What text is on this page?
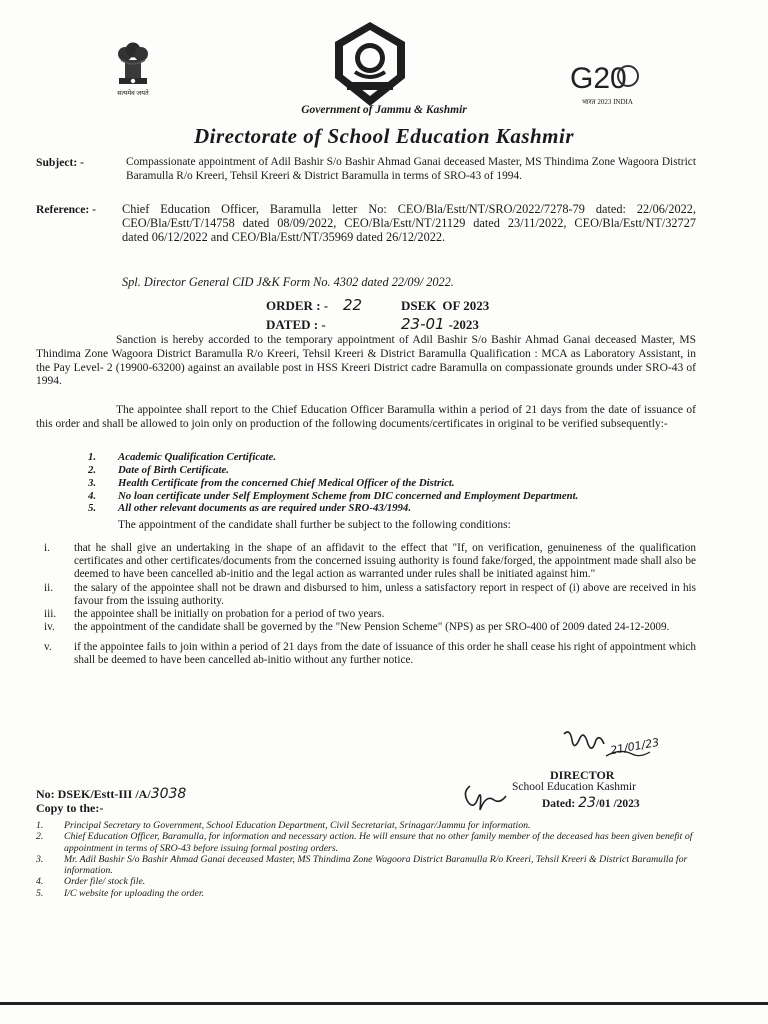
सत्यमेव जयते	G20
भारत 2023 INDIA
Government of Jammu & Kashmir
Directorate of School Education Kashmir
Subject: -	Compassionate appointment of Adil Bashir S/o Bashir Ahmad Ganai deceased Master, MS Thindima Zone Wagoora District Baramulla R/o Kreeri, Tehsil Kreeri & District Baramulla in terms of SRO-43 of 1994.
Reference: - Chief Education Officer, Baramulla letter No: CEO/Bla/Estt/NT/SRO/2022/7278-79 dated: 22/06/2022, CEO/Bla/Estt/T/14758 dated 08/09/2022, CEO/Bla/Estt/NT/21129 dated 23/11/2022, CEO/Bla/Estt/NT/32727 dated 06/12/2022 and CEO/Bla/Estt/NT/35969 dated 26/12/2022.
Spl. Director General CID J&K Form No. 4302 dated 22/09/ 2022.
ORDER : - 22	DSEK OF 2023
DATED : -	23-01 -2023
Sanction is hereby accorded to the temporary appointment of Adil Bashir S/o Bashir Ahmad Ganai deceased Master, MS Thindima Zone Wagoora District Baramulla R/o Kreeri, Tehsil Kreeri & District Baramulla Qualification : MCA as Laboratory Assistant, in the Pay Level- 2 (19900-63200) against an available post in HSS Kreeri District cadre Baramulla on compassionate grounds under SRO-43 of 1994.
The appointee shall report to the Chief Education Officer Baramulla within a period of 21 days from the date of issuance of this order and shall be allowed to join only on production of the following documents/certificates in original to be verified subsequently:-
1.	Academic Qualification Certificate.
2.	Date of Birth Certificate.
3.	Health Certificate from the concerned Chief Medical Officer of the District.
4.	No loan certificate under Self Employment Scheme from DIC concerned and Employment Department.
5.	All other relevant documents as are required under SRO-43/1994.
The appointment of the candidate shall further be subject to the following conditions:
i.	that he shall give an undertaking in the shape of an affidavit to the effect that "If, on verification, genuineness of the qualification certificates and other certificates/documents from the concerned issuing authority is found fake/forged, the appointment made shall also be deemed to have been cancelled ab-initio and the legal action as warranted under rules shall be initiated against him."
ii.	the salary of the appointee shall not be drawn and disbursed to him, unless a satisfactory report in respect of (i) above are received in his favour from the issuing authority.
iii.	the appointee shall be initially on probation for a period of two years.
iv.	the appointment of the candidate shall be governed by the "New Pension Scheme" (NPS) as per SRO-400 of 2009 dated 24-12-2009.
v.	if the appointee fails to join within a period of 21 days from the date of issuance of this order he shall cease his right of appointment which shall be deemed to have been cancelled ab-initio without any further notice.
21/01/23
DIRECTOR
School Education Kashmir
Dated: 23/01 /2023
No: DSEK/Estt-III /A/3038
Copy to the:-
1.	Principal Secretary to Government, School Education Department, Civil Secretariat, Srinagar/Jammu for information.
2.	Chief Education Officer, Baramulla, for information and necessary action. He will ensure that no other family member of the deceased has been given benefit of appointment in terms of SRO-43 before issuing formal posting orders.
3.	Mr. Adil Bashir S/o Bashir Ahmad Ganai deceased Master, MS Thindima Zone Wagoora District Baramulla R/o Kreeri, Tehsil Kreeri & District Baramulla for information.
4.	Order file/ stock file.
5.	I/C website for uploading the order.
